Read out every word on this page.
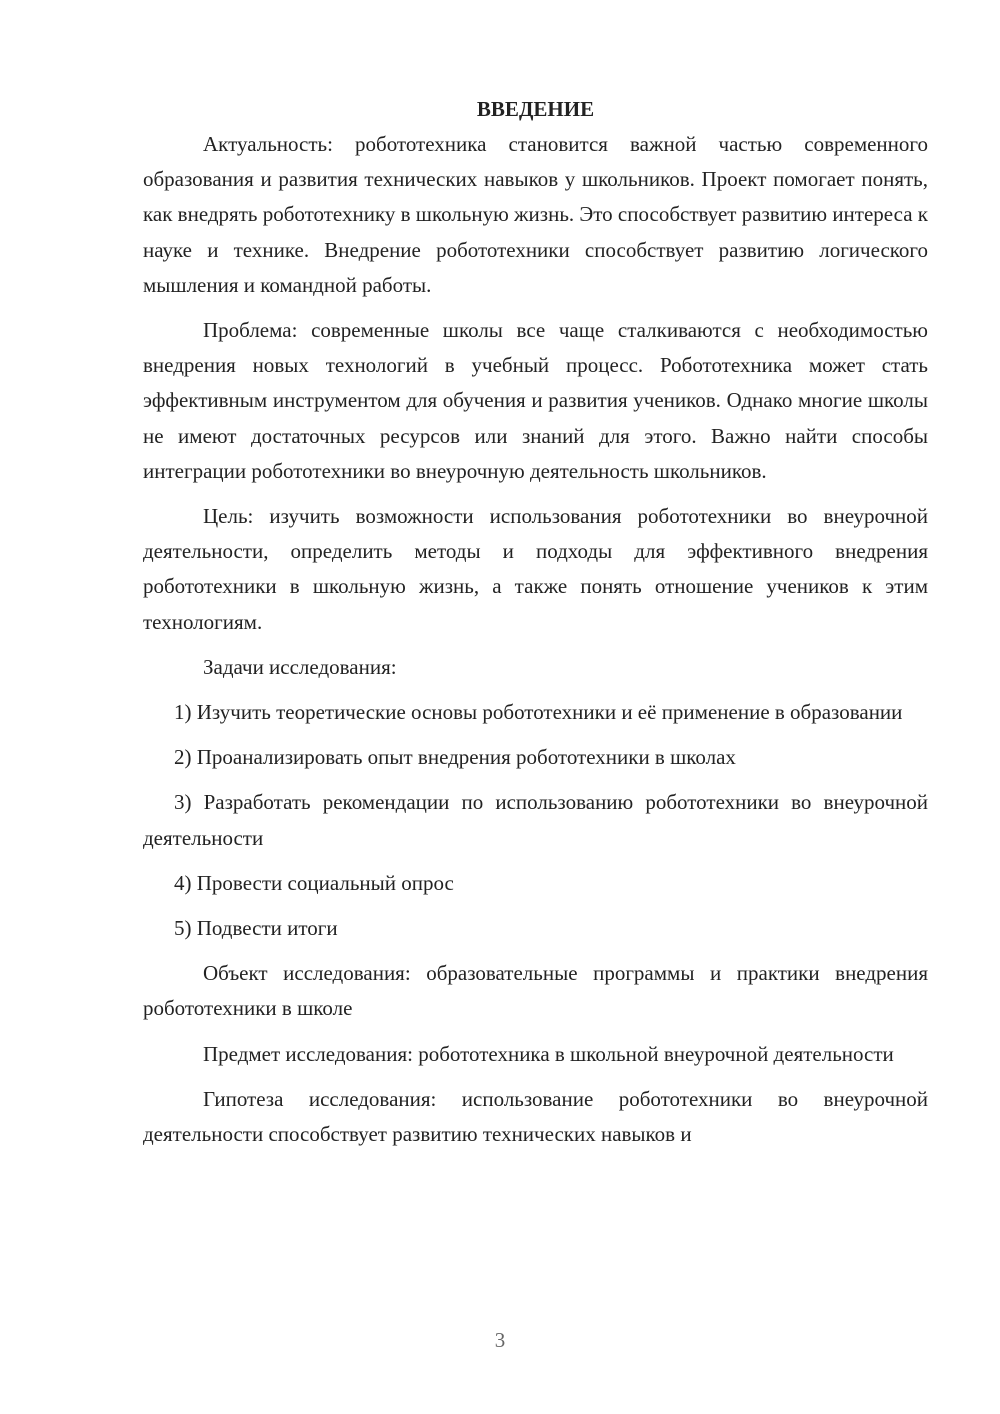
ВВЕДЕНИЕ

Актуальность: робототехника становится важной частью современного образования и развития технических навыков у школьников. Проект помогает понять, как внедрять робототехнику в школьную жизнь. Это способствует развитию интереса к науке и технике. Внедрение робототехники способствует развитию логического мышления и командной работы.

Проблема: современные школы все чаще сталкиваются с необходимостью внедрения новых технологий в учебный процесс. Робототехника может стать эффективным инструментом для обучения и развития учеников. Однако многие школы не имеют достаточных ресурсов или знаний для этого. Важно найти способы интеграции робототехники во внеурочную деятельность школьников.

Цель: изучить возможности использования робототехники во внеурочной деятельности, определить методы и подходы для эффективного внедрения робототехники в школьную жизнь, а также понять отношение учеников к этим технологиям.

Задачи исследования:

1) Изучить теоретические основы робототехники и её применение в образовании

2) Проанализировать опыт внедрения робототехники в школах

3) Разработать рекомендации по использованию робототехники во внеурочной деятельности

4) Провести социальный опрос

5) Подвести итоги

Объект исследования: образовательные программы и практики внедрения робототехники в школе

Предмет исследования: робототехника в школьной внеурочной деятельности

Гипотеза исследования: использование робототехники во внеурочной деятельности способствует развитию технических навыков и

3
